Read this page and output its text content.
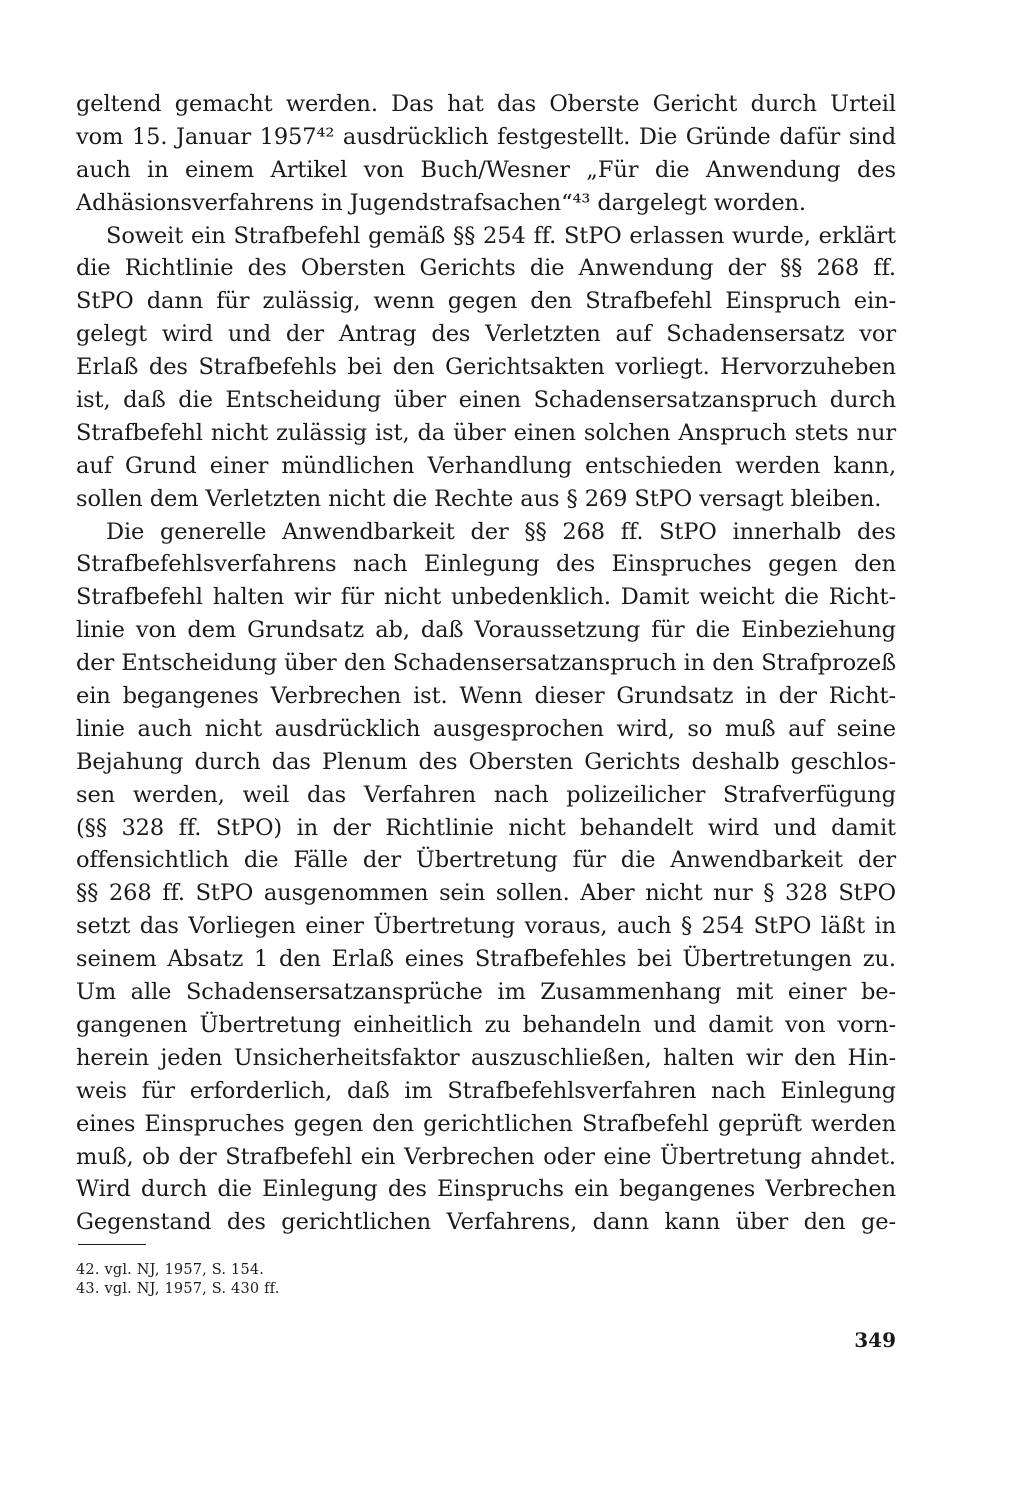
geltend gemacht werden. Das hat das Oberste Gericht durch Urteil
vom 15. Januar 1957⁴² ausdrücklich festgestellt. Die Gründe dafür sind
auch in einem Artikel von Buch/Wesner „Für die Anwendung des
Adhäsionsverfahrens in Jugendstrafsachen“⁴³ dargelegt worden.
Soweit ein Strafbefehl gemäß §§ 254 ff. StPO erlassen wurde, erklärt
die Richtlinie des Obersten Gerichts die Anwendung der §§ 268 ff.
StPO dann für zulässig, wenn gegen den Strafbefehl Einspruch ein-
gelegt wird und der Antrag des Verletzten auf Schadensersatz vor
Erlaß des Strafbefehls bei den Gerichtsakten vorliegt. Hervorzuheben
ist, daß die Entscheidung über einen Schadensersatzanspruch durch
Strafbefehl nicht zulässig ist, da über einen solchen Anspruch stets nur
auf Grund einer mündlichen Verhandlung entschieden werden kann,
sollen dem Verletzten nicht die Rechte aus § 269 StPO versagt bleiben.
Die generelle Anwendbarkeit der §§ 268 ff. StPO innerhalb des
Strafbefehlsverfahrens nach Einlegung des Einspruches gegen den
Strafbefehl halten wir für nicht unbedenklich. Damit weicht die Richt-
linie von dem Grundsatz ab, daß Voraussetzung für die Einbeziehung
der Entscheidung über den Schadensersatzanspruch in den Strafprozeß
ein begangenes Verbrechen ist. Wenn dieser Grundsatz in der Richt-
linie auch nicht ausdrücklich ausgesprochen wird, so muß auf seine
Bejahung durch das Plenum des Obersten Gerichts deshalb geschlos-
sen werden, weil das Verfahren nach polizeilicher Strafverfügung
(§§ 328 ff. StPO) in der Richtlinie nicht behandelt wird und damit
offensichtlich die Fälle der Übertretung für die Anwendbarkeit der
§§ 268 ff. StPO ausgenommen sein sollen. Aber nicht nur § 328 StPO
setzt das Vorliegen einer Übertretung voraus, auch § 254 StPO läßt in
seinem Absatz 1 den Erlaß eines Strafbefehles bei Übertretungen zu.
Um alle Schadensersatzansprüche im Zusammenhang mit einer be-
gangenen Übertretung einheitlich zu behandeln und damit von vorn-
herein jeden Unsicherheitsfaktor auszuschließen, halten wir den Hin-
weis für erforderlich, daß im Strafbefehlsverfahren nach Einlegung
eines Einspruches gegen den gerichtlichen Strafbefehl geprüft werden
muß, ob der Strafbefehl ein Verbrechen oder eine Übertretung ahndet.
Wird durch die Einlegung des Einspruchs ein begangenes Verbrechen
Gegenstand des gerichtlichen Verfahrens, dann kann über den ge-
42. vgl. NJ, 1957, S. 154.
43. vgl. NJ, 1957, S. 430 ff.
349
